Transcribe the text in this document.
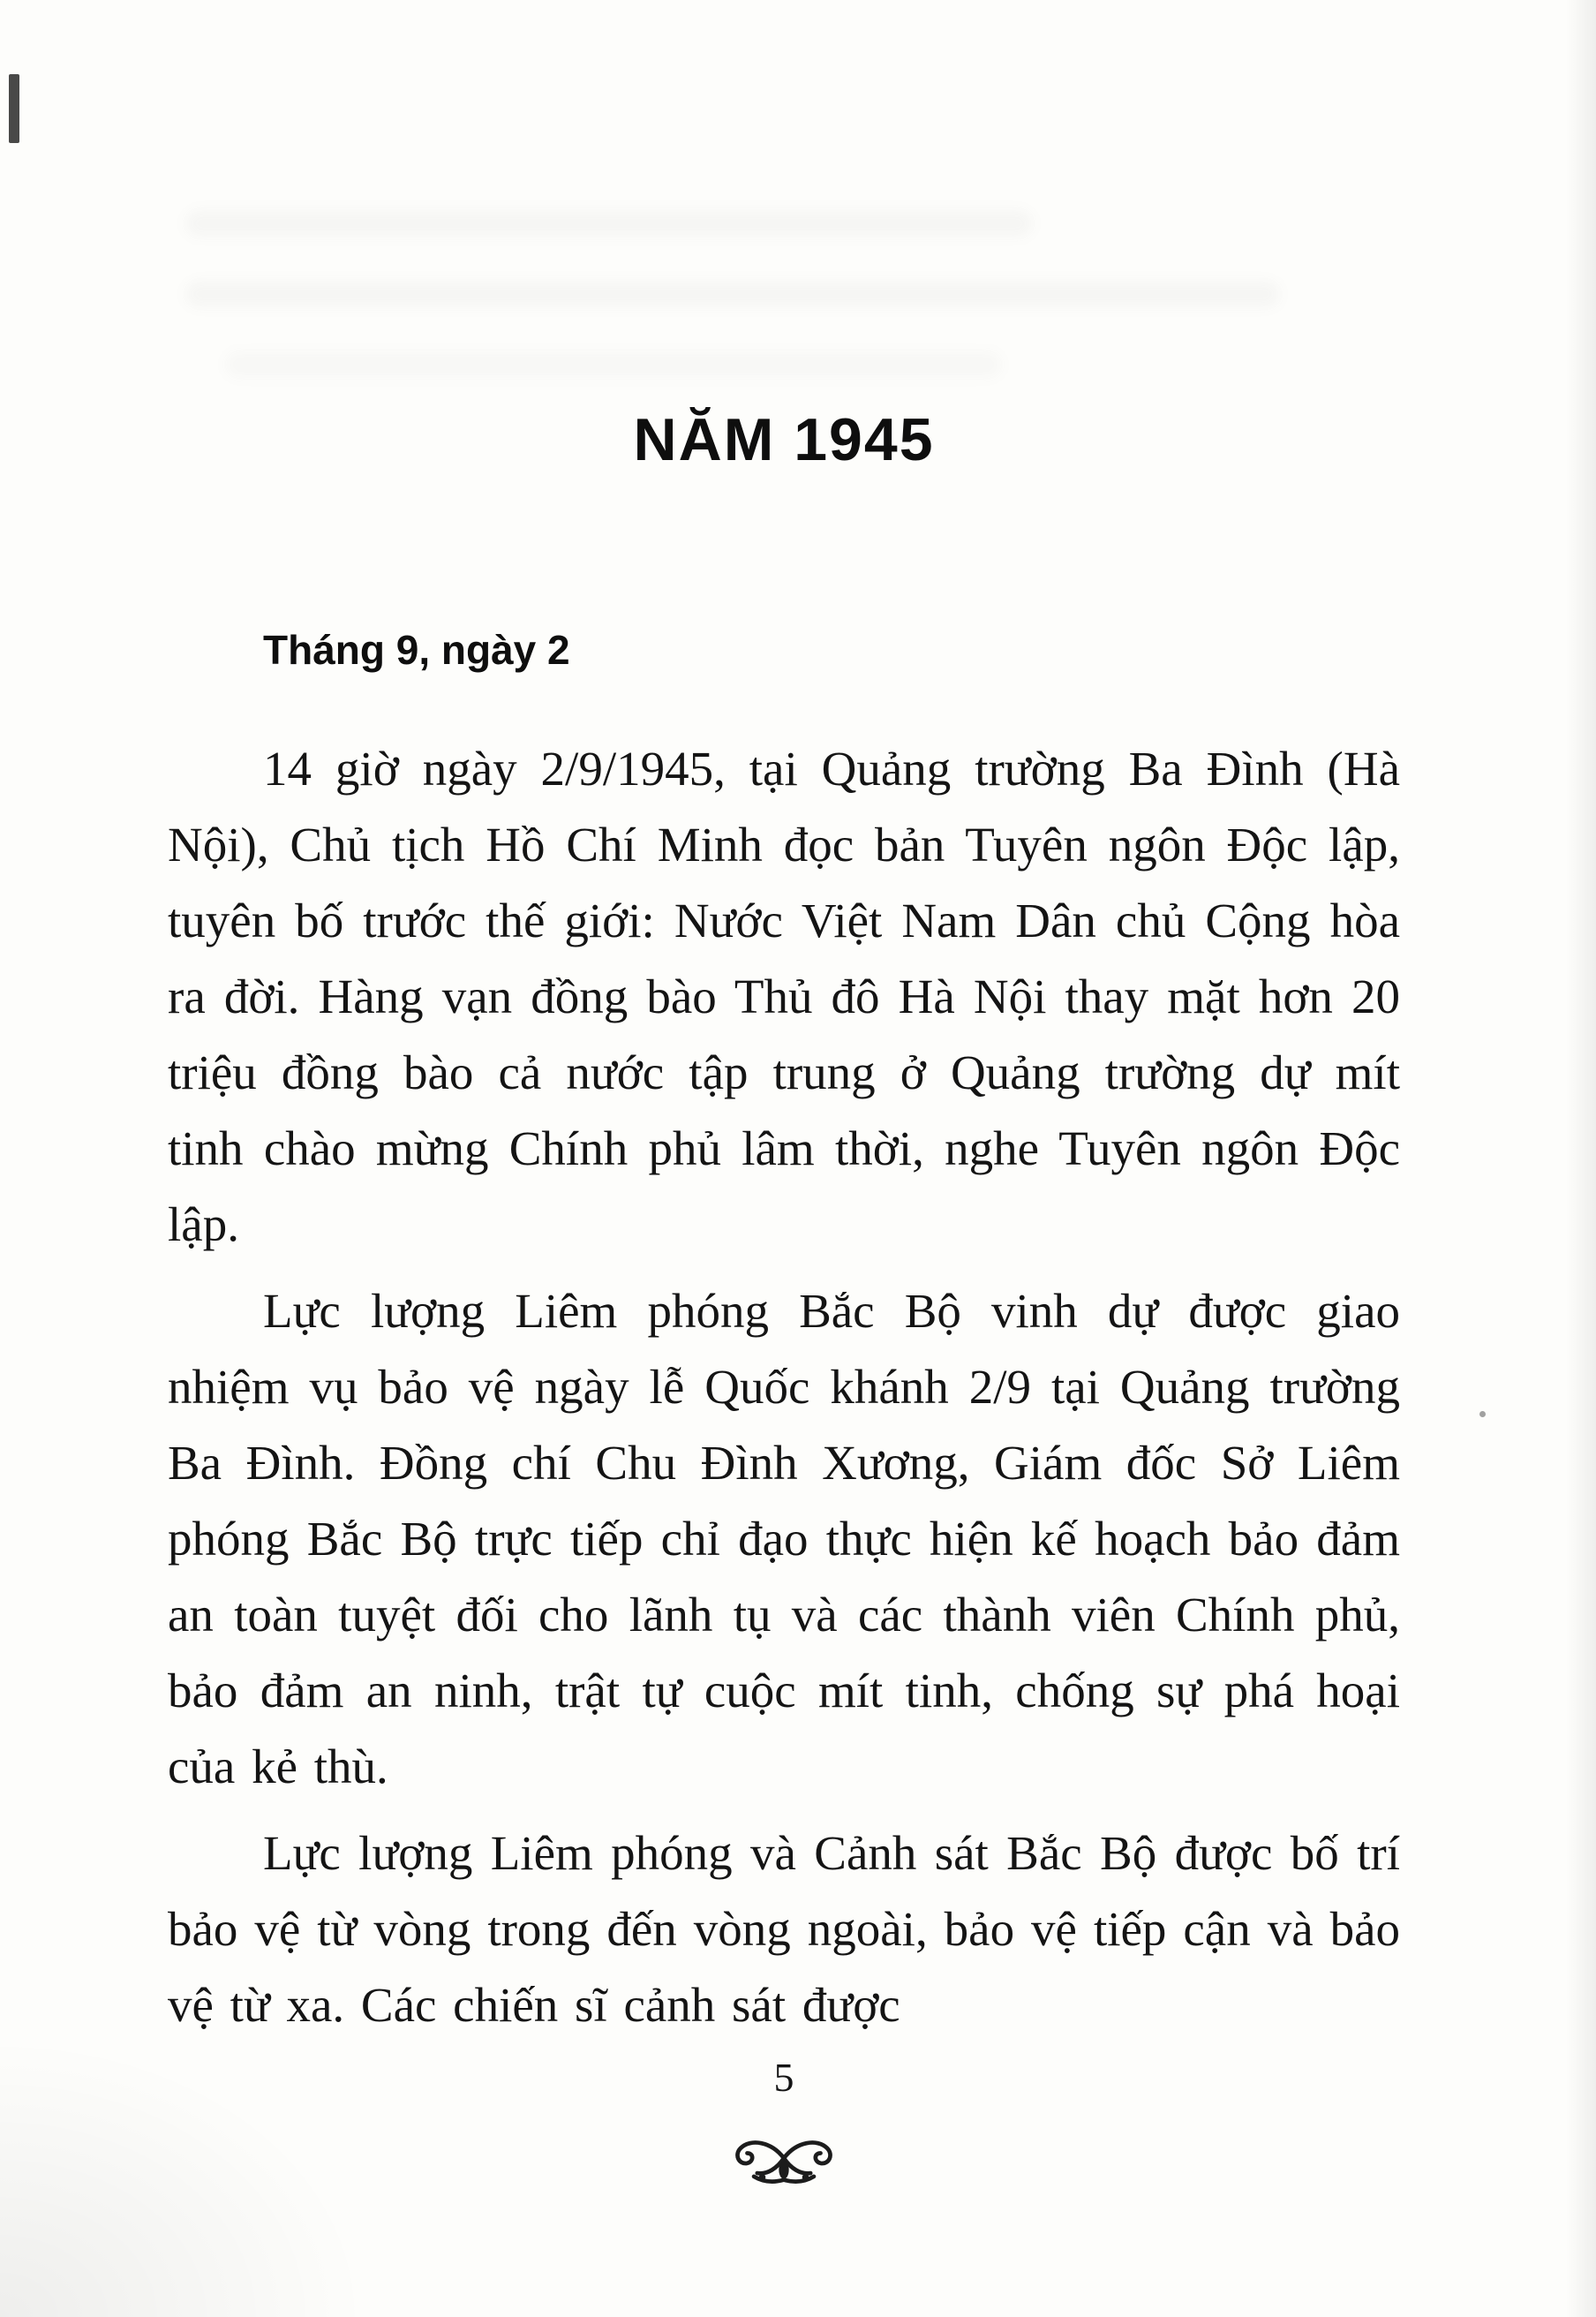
NĂM 1945
Tháng 9, ngày 2

14 giờ ngày 2/9/1945, tại Quảng trường Ba Đình (Hà Nội), Chủ tịch Hồ Chí Minh đọc bản Tuyên ngôn Độc lập, tuyên bố trước thế giới: Nước Việt Nam Dân chủ Cộng hòa ra đời. Hàng vạn đồng bào Thủ đô Hà Nội thay mặt hơn 20 triệu đồng bào cả nước tập trung ở Quảng trường dự mít tinh chào mừng Chính phủ lâm thời, nghe Tuyên ngôn Độc lập.

Lực lượng Liêm phóng Bắc Bộ vinh dự được giao nhiệm vụ bảo vệ ngày lễ Quốc khánh 2/9 tại Quảng trường Ba Đình. Đồng chí Chu Đình Xương, Giám đốc Sở Liêm phóng Bắc Bộ trực tiếp chỉ đạo thực hiện kế hoạch bảo đảm an toàn tuyệt đối cho lãnh tụ và các thành viên Chính phủ, bảo đảm an ninh, trật tự cuộc mít tinh, chống sự phá hoại của kẻ thù.

Lực lượng Liêm phóng và Cảnh sát Bắc Bộ được bố trí bảo vệ từ vòng trong đến vòng ngoài, bảo vệ tiếp cận và bảo vệ từ xa. Các chiến sĩ cảnh sát được

5
